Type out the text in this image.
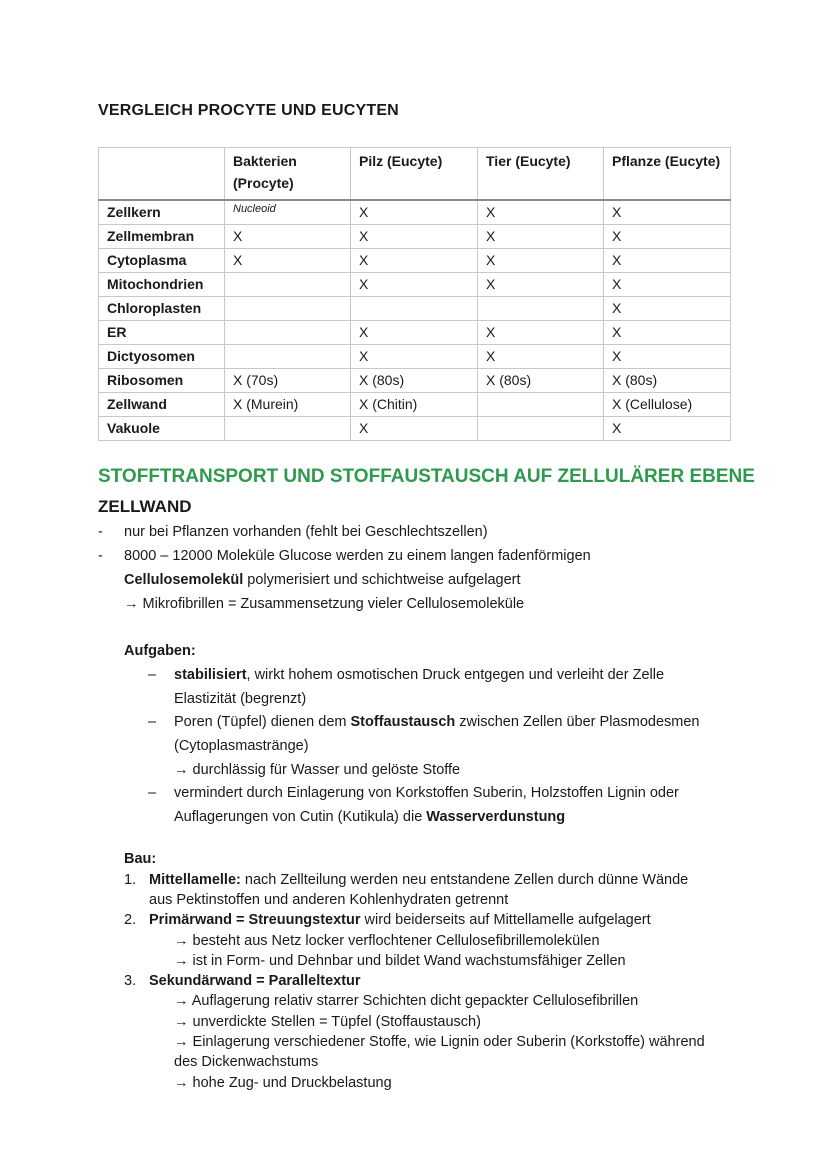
VERGLEICH PROCYTE UND EUCYTEN
	Bakterien (Procyte)	Pilz (Eucyte)	Tier (Eucyte)	Pflanze (Eucyte)
Zellkern	Nucleoid	X	X	X
Zellmembran	X	X	X	X
Cytoplasma	X	X	X	X
Mitochondrien		X	X	X
Chloroplasten				X
ER		X	X	X
Dictyosomen		X	X	X
Ribosomen	X (70s)	X (80s)	X (80s)	X (80s)
Zellwand	X (Murein)	X (Chitin)		X (Cellulose)
Vakuole		X		X
STOFFTRANSPORT UND STOFFAUSTAUSCH AUF ZELLULÄRER EBENE
ZELLWAND
- nur bei Pflanzen vorhanden (fehlt bei Geschlechtszellen)
- 8000 – 12000 Moleküle Glucose werden zu einem langen fadenförmigen
Cellulosemolekül polymerisiert und schichtweise aufgelagert
→ Mikrofibrillen = Zusammensetzung vieler Cellulosemoleküle
Aufgaben:
– stabilisiert, wirkt hohem osmotischen Druck entgegen und verleiht der Zelle
Elastizität (begrenzt)
– Poren (Tüpfel) dienen dem Stoffaustausch zwischen Zellen über Plasmodesmen
(Cytoplasmastränge)
→ durchlässig für Wasser und gelöste Stoffe
– vermindert durch Einlagerung von Korkstoffen Suberin, Holzstoffen Lignin oder
Auflagerungen von Cutin (Kutikula) die Wasserverdunstung
Bau:
1. Mittellamelle: nach Zellteilung werden neu entstandene Zellen durch dünne Wände
aus Pektinstoffen und anderen Kohlenhydraten getrennt
2. Primärwand = Streuungstextur wird beiderseits auf Mittellamelle aufgelagert
→ besteht aus Netz locker verflochtener Cellulosefibrillemolekülen
→ ist in Form- und Dehnbar und bildet Wand wachstumsfähiger Zellen
3. Sekundärwand = Paralleltextur
→ Auflagerung relativ starrer Schichten dicht gepackter Cellulosefibrillen
→ unverdickte Stellen = Tüpfel (Stoffaustausch)
→ Einlagerung verschiedener Stoffe, wie Lignin oder Suberin (Korkstoffe) während
des Dickenwachstums
→ hohe Zug- und Druckbelastung
